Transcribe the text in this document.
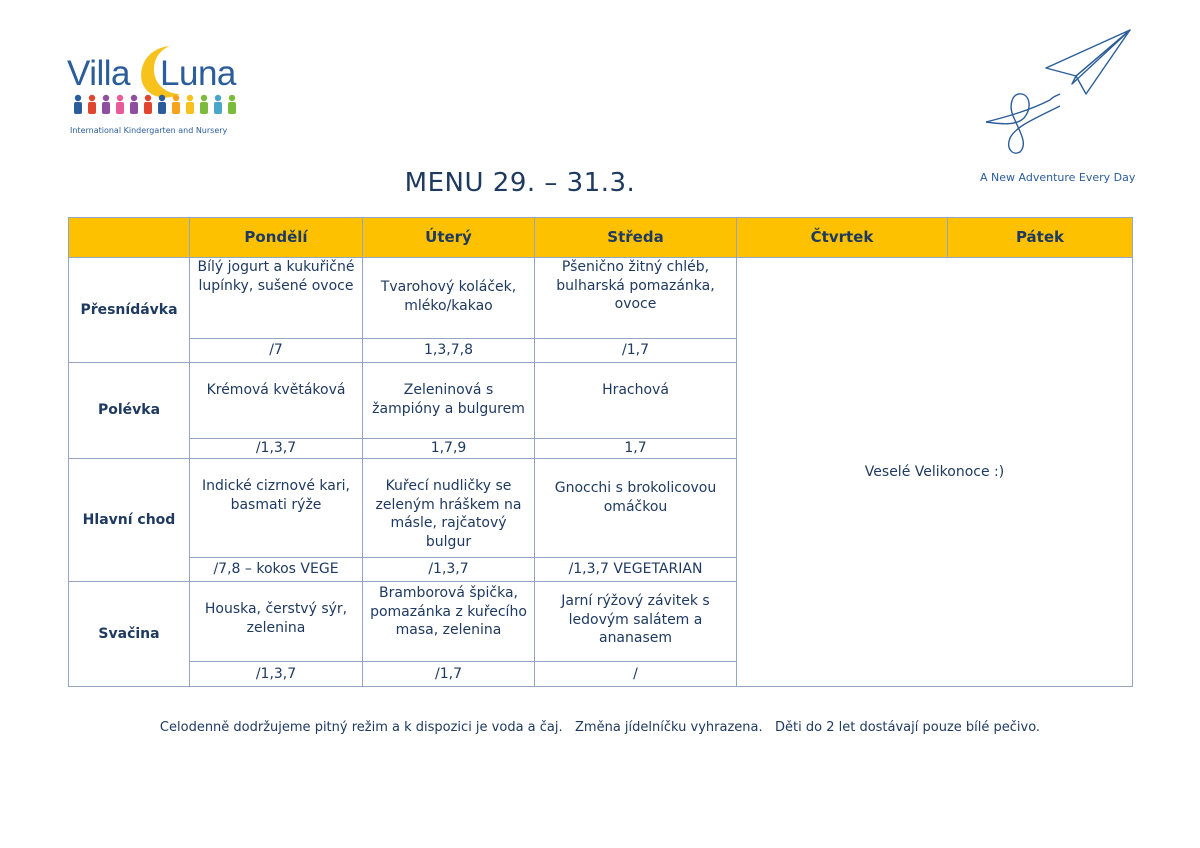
Villa Luna
International Kindergarten and Nursery
A New Adventure Every Day
MENU 29. – 31.3.
	Pondělí	Úterý	Středa	Čtvrtek	Pátek
Přesnídávka	Bílý jogurt a kukuřičné lupínky, sušené ovoce	Tvarohový koláček, mléko/kakao	Pšenično žitný chléb, bulharská pomazánka, ovoce	Veselé Velikonoce :)	
	/7	1,3,7,8	/1,7		
Polévka	Krémová květáková	Zeleninová s žampióny a bulgurem	Hrachová		
	/1,3,7	1,7,9	1,7		
Hlavní chod	Indické cizrnové kari, basmati rýže	Kuřecí nudličky se zeleným hráškem na másle, rajčatový bulgur	Gnocchi s brokolicovou omáčkou		
	/7,8 – kokos VEGE	/1,3,7	/1,3,7 VEGETARIAN		
Svačina	Houska, čerstvý sýr, zelenina	Bramborová špička, pomazánka z kuřecího masa, zelenina	Jarní rýžový závitek s ledovým salátem a ananasem		
	/1,3,7	/1,7	/		
Celodenně dodržujeme pitný režim a k dispozici je voda a čaj.   Změna jídelníčku vyhrazena.   Děti do 2 let dostávají pouze bílé pečivo.
